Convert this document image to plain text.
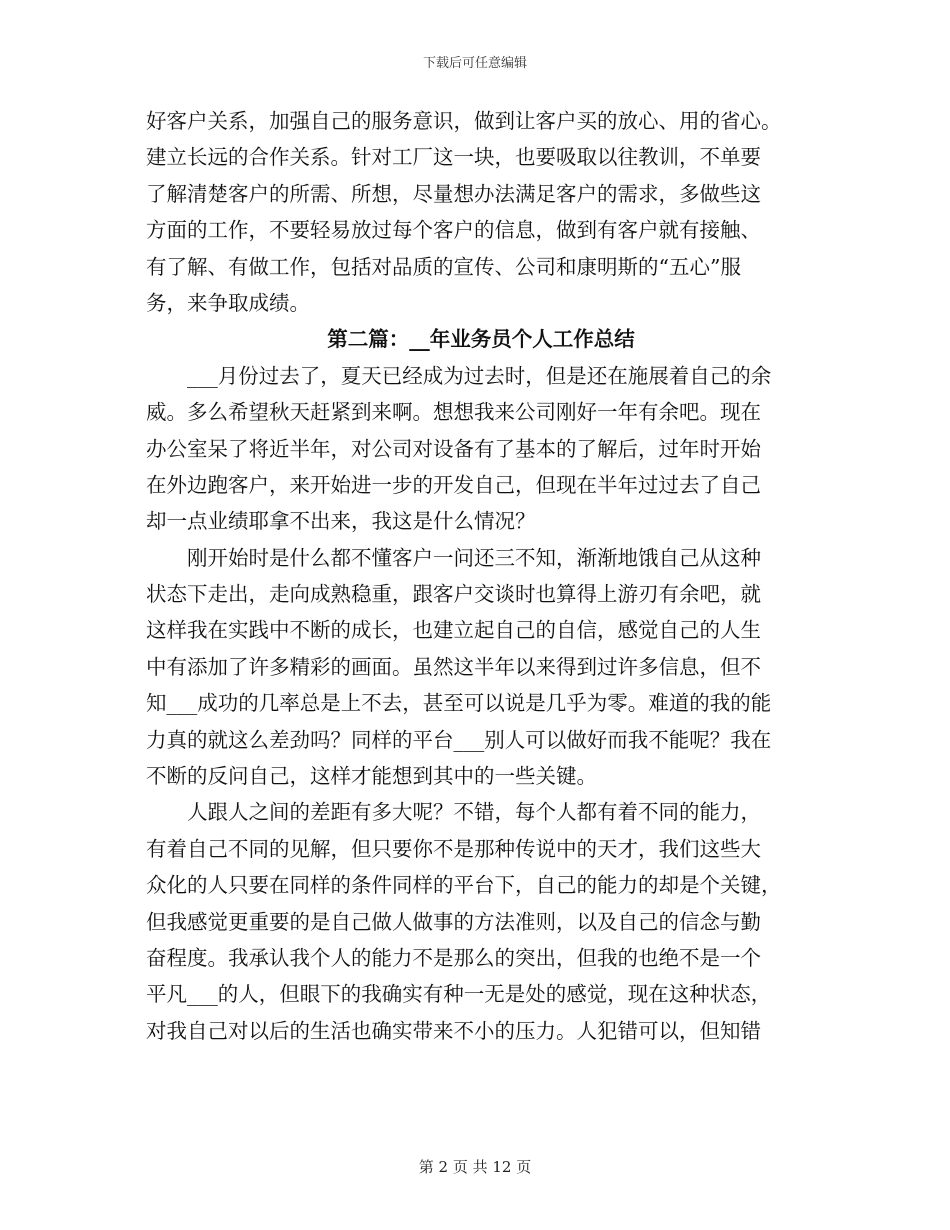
下载后可任意编辑
好客户关系，加强自己的服务意识，做到让客户买的放心、用的省心。
建立长远的合作关系。针对工厂这一块，也要吸取以往教训，不单要
了解清楚客户的所需、所想，尽量想办法满足客户的需求，多做些这
方面的工作，不要轻易放过每个客户的信息，做到有客户就有接触、
有了解、有做工作，包括对品质的宣传、公司和康明斯的“五心”服
务，来争取成绩。
第二篇：__年业务员个人工作总结
___月份过去了，夏天已经成为过去时，但是还在施展着自己的余
威。多么希望秋天赶紧到来啊。想想我来公司刚好一年有余吧。现在
办公室呆了将近半年，对公司对设备有了基本的了解后，过年时开始
在外边跑客户，来开始进一步的开发自己，但现在半年过过去了自己
却一点业绩耶拿不出来，我这是什么情况？
刚开始时是什么都不懂客户一问还三不知，渐渐地饿自己从这种
状态下走出，走向成熟稳重，跟客户交谈时也算得上游刃有余吧，就
这样我在实践中不断的成长，也建立起自己的自信，感觉自己的人生
中有添加了许多精彩的画面。虽然这半年以来得到过许多信息，但不
知___成功的几率总是上不去，甚至可以说是几乎为零。难道的我的能
力真的就这么差劲吗？同样的平台___别人可以做好而我不能呢？我在
不断的反问自己，这样才能想到其中的一些关键。
人跟人之间的差距有多大呢？不错，每个人都有着不同的能力，
有着自己不同的见解，但只要你不是那种传说中的天才，我们这些大
众化的人只要在同样的条件同样的平台下，自己的能力的却是个关键，
但我感觉更重要的是自己做人做事的方法准则，以及自己的信念与勤
奋程度。我承认我个人的能力不是那么的突出，但我的也绝不是一个
平凡___的人，但眼下的我确实有种一无是处的感觉，现在这种状态，
对我自己对以后的生活也确实带来不小的压力。人犯错可以，但知错
第 2 页 共 12 页
